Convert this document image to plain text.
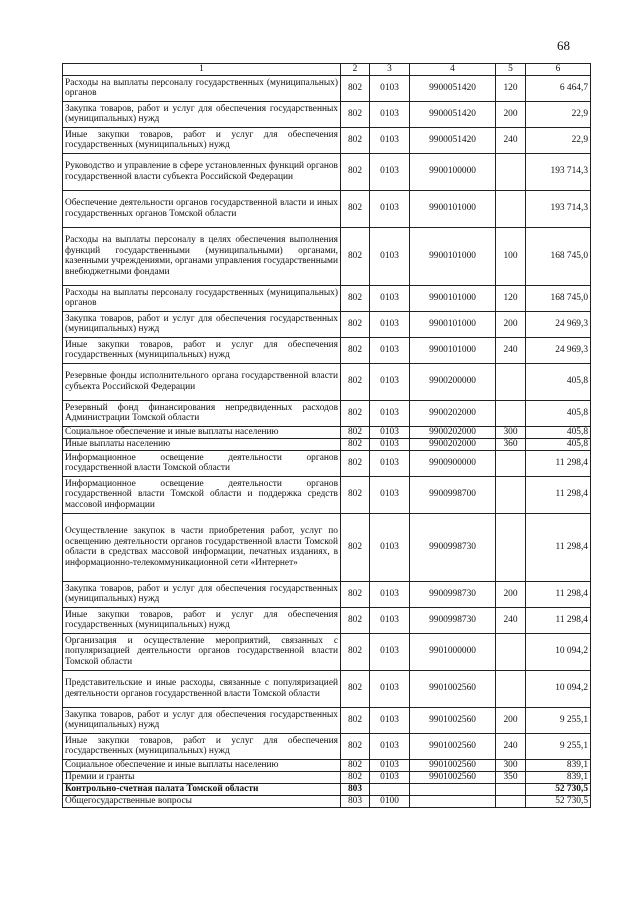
68
1	2	3	4	5	6
Расходы на выплаты персоналу государственных (муниципальных) органов	802	0103	9900051420	120	6 464,7
Закупка товаров, работ и услуг для обеспечения государственных (муниципальных) нужд	802	0103	9900051420	200	22,9
Иные закупки товаров, работ и услуг для обеспечения государственных (муниципальных) нужд	802	0103	9900051420	240	22,9
Руководство и управление в сфере установленных функций органов государственной власти субъекта Российской Федерации	802	0103	9900100000		193 714,3
Обеспечение деятельности органов государственной власти и иных государственных органов Томской области	802	0103	9900101000		193 714,3
Расходы на выплаты персоналу в целях обеспечения выполнения функций государственными (муниципальными) органами, казенными учреждениями, органами управления государственными внебюджетными фондами	802	0103	9900101000	100	168 745,0
Расходы на выплаты персоналу государственных (муниципальных) органов	802	0103	9900101000	120	168 745,0
Закупка товаров, работ и услуг для обеспечения государственных (муниципальных) нужд	802	0103	9900101000	200	24 969,3
Иные закупки товаров, работ и услуг для обеспечения государственных (муниципальных) нужд	802	0103	9900101000	240	24 969,3
Резервные фонды исполнительного органа государственной власти субъекта Российской Федерации	802	0103	9900200000		405,8
Резервный фонд финансирования непредвиденных расходов Администрации Томской области	802	0103	9900202000		405,8
Социальное обеспечение и иные выплаты населению	802	0103	9900202000	300	405,8
Иные выплаты населению	802	0103	9900202000	360	405,8
Информационное освещение деятельности органов государственной власти Томской области	802	0103	9900900000		11 298,4
Информационное освещение деятельности органов государственной власти Томской области и поддержка средств массовой информации	802	0103	9900998700		11 298,4
Осуществление закупок в части приобретения работ, услуг по освещению деятельности органов государственной власти Томской области в средствах массовой информации, печатных изданиях, в информационно-телекоммуникационной сети «Интернет»	802	0103	9900998730		11 298,4
Закупка товаров, работ и услуг для обеспечения государственных (муниципальных) нужд	802	0103	9900998730	200	11 298,4
Иные закупки товаров, работ и услуг для обеспечения государственных (муниципальных) нужд	802	0103	9900998730	240	11 298,4
Организация и осуществление мероприятий, связанных с популяризацией деятельности органов государственной власти Томской области	802	0103	9901000000		10 094,2
Представительские и иные расходы, связанные с популяризацией деятельности органов государственной власти Томской области	802	0103	9901002560		10 094,2
Закупка товаров, работ и услуг для обеспечения государственных (муниципальных) нужд	802	0103	9901002560	200	9 255,1
Иные закупки товаров, работ и услуг для обеспечения государственных (муниципальных) нужд	802	0103	9901002560	240	9 255,1
Социальное обеспечение и иные выплаты населению	802	0103	9901002560	300	839,1
Премии и гранты	802	0103	9901002560	350	839,1
Контрольно-счетная палата Томской области	803				52 730,5
Общегосударственные вопросы	803	0100			52 730,5
